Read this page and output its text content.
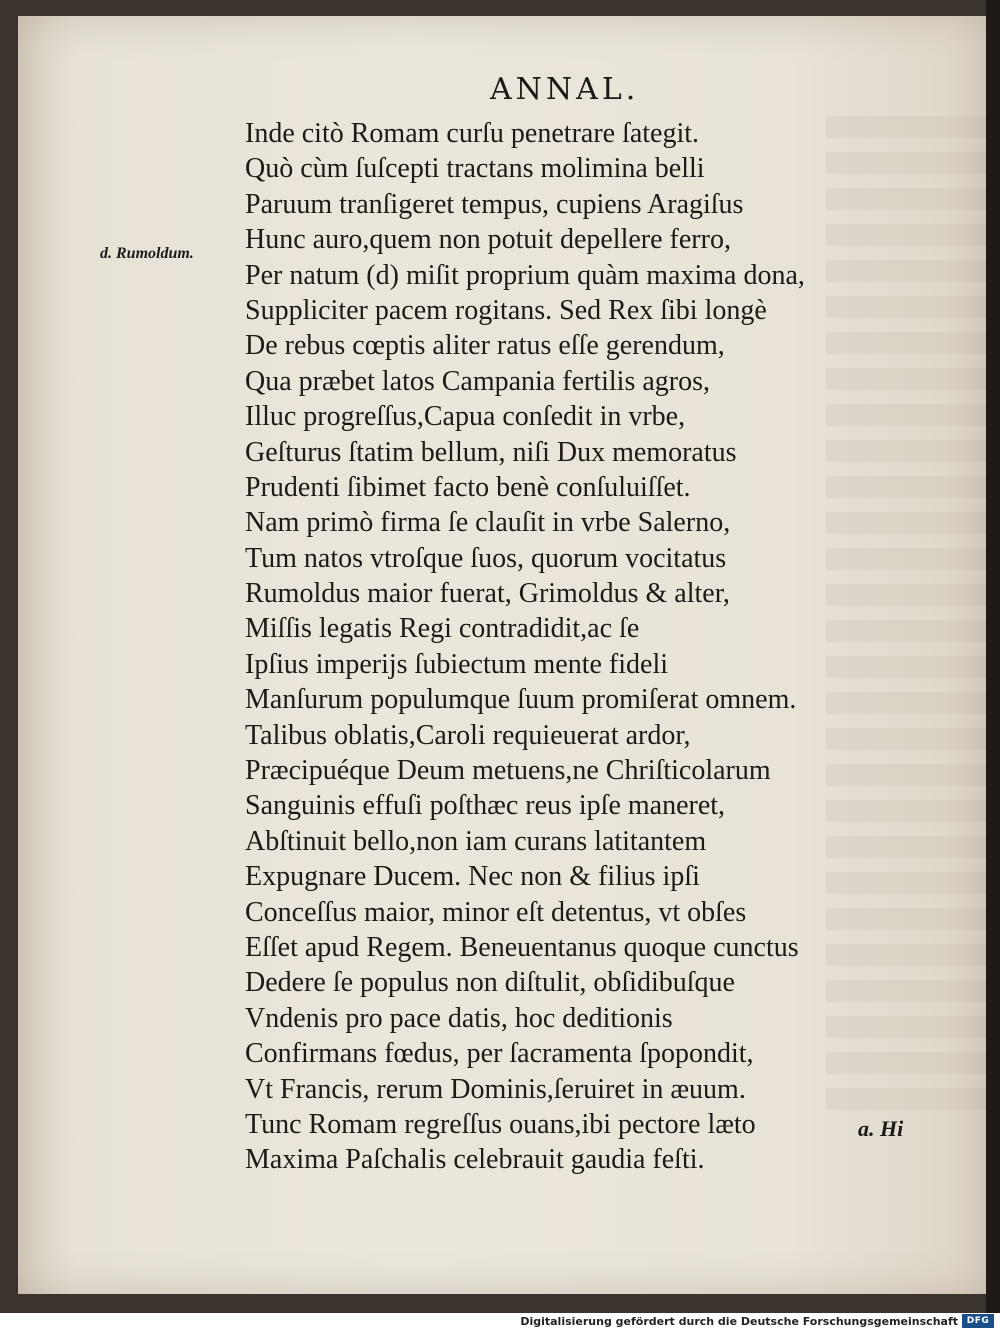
ANNAL.
d. Rumoldum.
Inde citò Romam curſu penetrare ſategit.
Quò cùm ſuſcepti tractans molimina belli
Paruum tranſigeret tempus, cupiens Aragiſus
Hunc auro,quem non potuit depellere ferro,
Per natum (d) miſit proprium quàm maxima dona,
Suppliciter pacem rogitans. Sed Rex ſibi longè
De rebus cœptis aliter ratus eſſe gerendum,
Qua præbet latos Campania fertilis agros,
Illuc progreſſus,Capua conſedit in vrbe,
Geſturus ſtatim bellum, niſi Dux memoratus
Prudenti ſibimet facto benè conſuluiſſet.
Nam primò firma ſe clauſit in vrbe Salerno,
Tum natos vtroſque ſuos, quorum vocitatus
Rumoldus maior fuerat, Grimoldus & alter,
Miſſis legatis Regi contradidit,ac ſe
Ipſius imperijs ſubiectum mente fideli
Manſurum populumque ſuum promiſerat omnem.
Talibus oblatis,Caroli requieuerat ardor,
Præcipuéque Deum metuens,ne Chriſticolarum
Sanguinis effuſi poſthæc reus ipſe maneret,
Abſtinuit bello,non iam curans latitantem
Expugnare Ducem. Nec non & filius ipſi
Conceſſus maior, minor eſt detentus, vt obſes
Eſſet apud Regem. Beneuentanus quoque cunctus
Dedere ſe populus non diſtulit, obſidibuſque
Vndenis pro pace datis, hoc deditionis
Confirmans fœdus, per ſacramenta ſpopondit,
Vt Francis, rerum Dominis,ſeruiret in æuum.
Tunc Romam regreſſus ouans,ibi pectore læto
Maxima Paſchalis celebrauit gaudia feſti.
a. Hi
Digitalisierung gefördert durch die Deutsche Forschungsgemeinschaft DFG
